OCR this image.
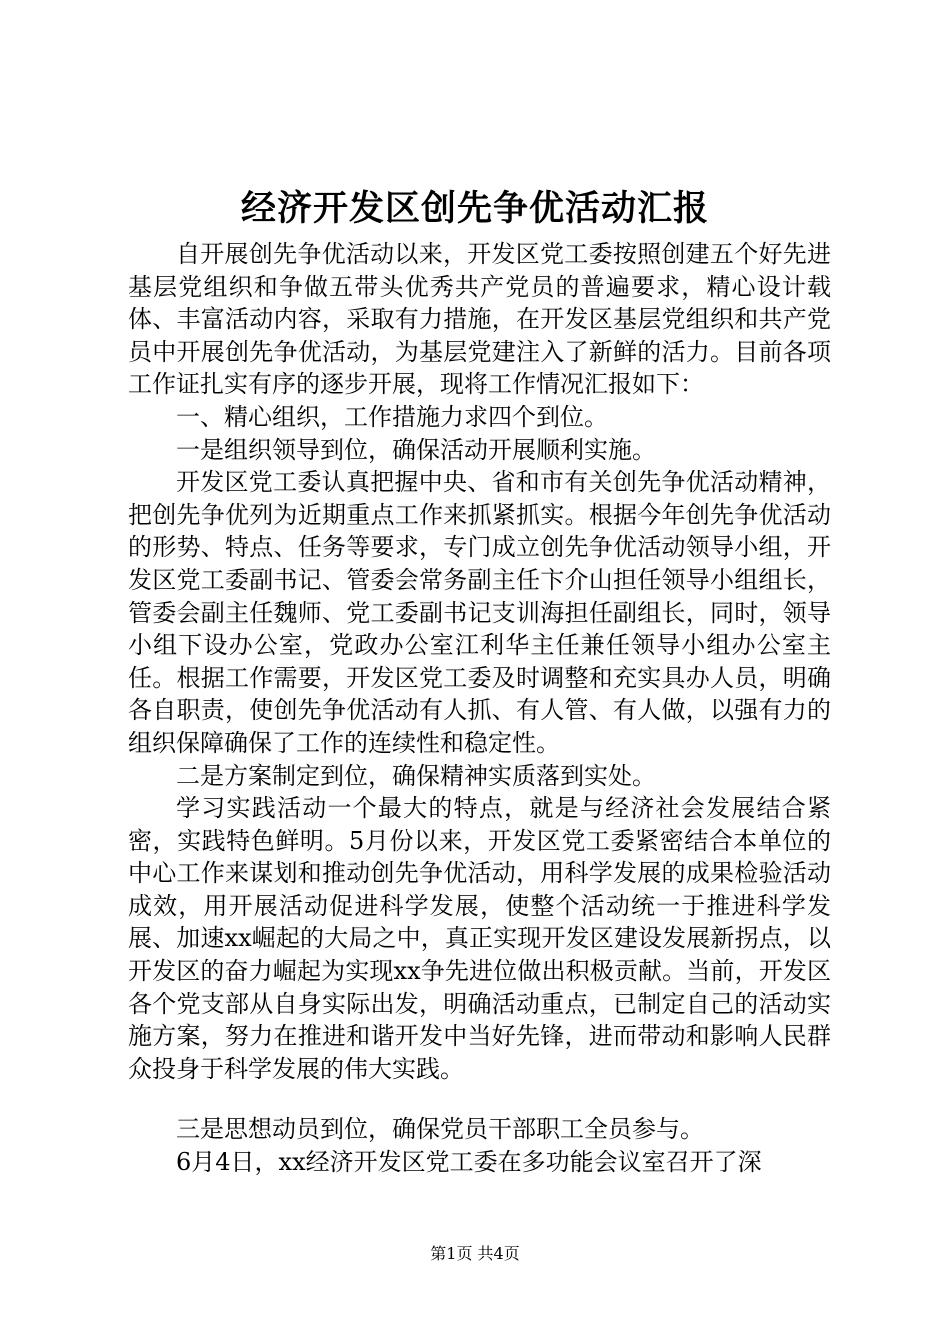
经济开发区创先争优活动汇报

自开展创先争优活动以来，开发区党工委按照创建五个好先进基层党组织和争做五带头优秀共产党员的普遍要求，精心设计载体、丰富活动内容，采取有力措施，在开发区基层党组织和共产党员中开展创先争优活动，为基层党建注入了新鲜的活力。目前各项工作证扎实有序的逐步开展，现将工作情况汇报如下：

一、精心组织，工作措施力求四个到位。

一是组织领导到位，确保活动开展顺利实施。

开发区党工委认真把握中央、省和市有关创先争优活动精神，把创先争优列为近期重点工作来抓紧抓实。根据今年创先争优活动的形势、特点、任务等要求，专门成立创先争优活动领导小组，开发区党工委副书记、管委会常务副主任卞介山担任领导小组组长，管委会副主任魏师、党工委副书记支训海担任副组长，同时，领导小组下设办公室，党政办公室江利华主任兼任领导小组办公室主任。根据工作需要，开发区党工委及时调整和充实具办人员，明确各自职责，使创先争优活动有人抓、有人管、有人做，以强有力的组织保障确保了工作的连续性和稳定性。

二是方案制定到位，确保精神实质落到实处。

学习实践活动一个最大的特点，就是与经济社会发展结合紧密，实践特色鲜明。5月份以来，开发区党工委紧密结合本单位的中心工作来谋划和推动创先争优活动，用科学发展的成果检验活动成效，用开展活动促进科学发展，使整个活动统一于推进科学发展、加速xx崛起的大局之中，真正实现开发区建设发展新拐点，以开发区的奋力崛起为实现xx争先进位做出积极贡献。当前，开发区各个党支部从自身实际出发，明确活动重点，已制定自己的活动实施方案，努力在推进和谐开发中当好先锋，进而带动和影响人民群众投身于科学发展的伟大实践。

三是思想动员到位，确保党员干部职工全员参与。

6月4日，xx经济开发区党工委在多功能会议室召开了深

第1页 共4页
